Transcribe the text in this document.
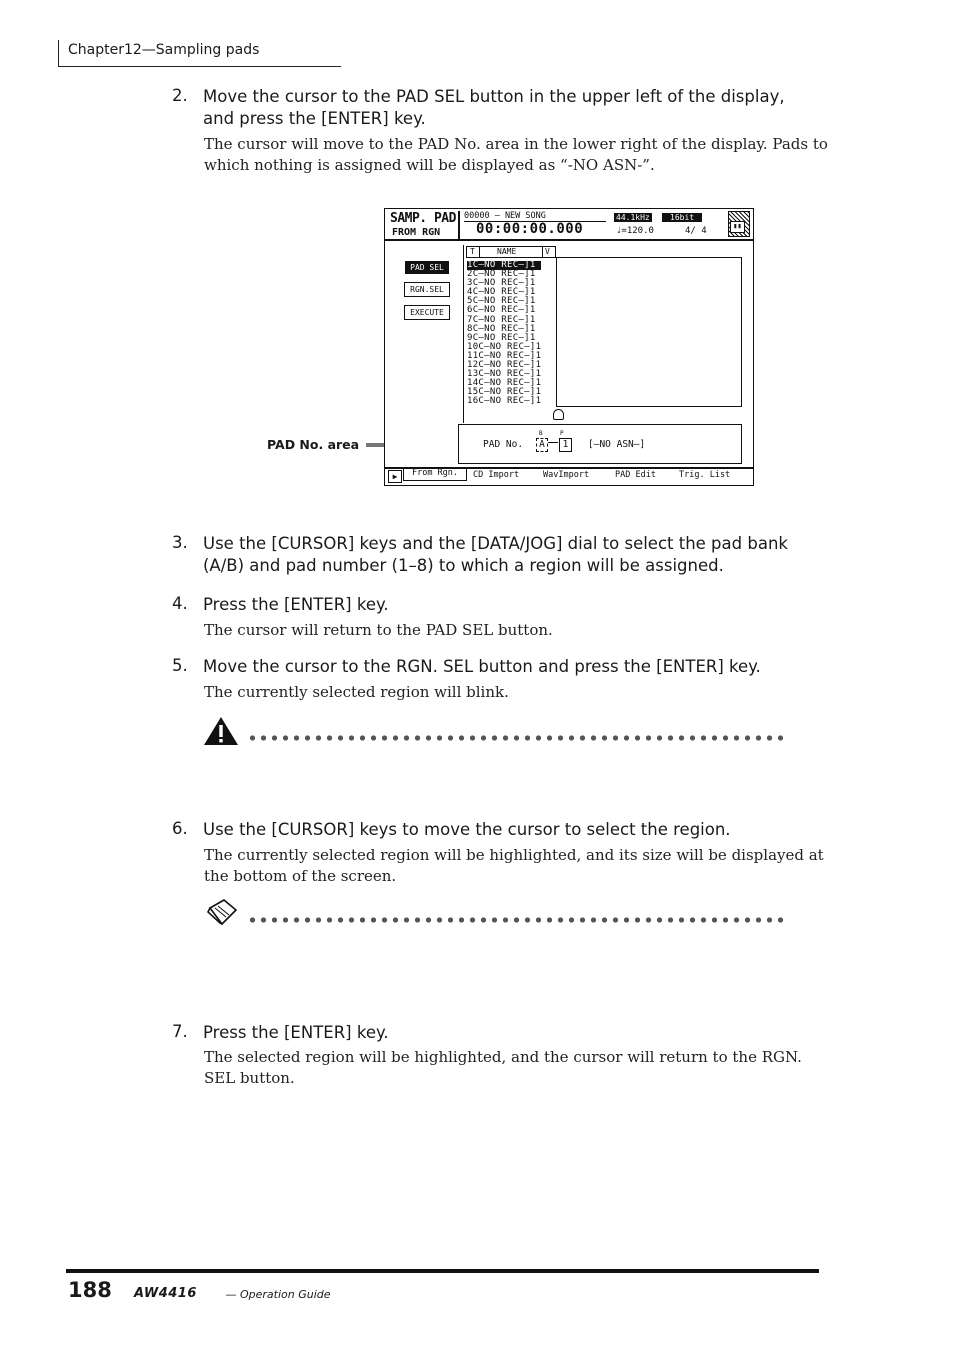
Chapter12—Sampling pads
2. Move the cursor to the PAD SEL button in the upper left of the display,
and press the [ENTER] key.
The cursor will move to the PAD No. area in the lower right of the display. Pads to
which nothing is assigned will be displayed as “-NO ASN-”.
PAD No. area
SAMP. PAD
FROM RGN
00000 – NEW SONG	44.1kHz	16bit
00:00:00.000	♩=120.0	4/ 4	▮▮
PAD SEL
RGN.SEL
EXECUTE
T	NAME	V
1C–NO REC–]1
2C–NO REC–]1
3C–NO REC–]1
4C–NO REC–]1
5C–NO REC–]1
6C–NO REC–]1
7C–NO REC–]1
8C–NO REC–]1
9C–NO REC–]1
10C–NO REC–]1
11C–NO REC–]1
12C–NO REC–]1
13C–NO REC–]1
14C–NO REC–]1
15C–NO REC–]1
16C–NO REC–]1
PAD No.
B	P
A	1	[–NO ASN–]
▶	From Rgn.	CD Import	WavImport	PAD Edit	Trig. List
3. Use the [CURSOR] keys and the [DATA/JOG] dial to select the pad bank
(A/B) and pad number (1–8) to which a region will be assigned.
4. Press the [ENTER] key.
The cursor will return to the PAD SEL button.
5. Move the cursor to the RGN. SEL button and press the [ENTER] key.
The currently selected region will blink.
6. Use the [CURSOR] keys to move the cursor to select the region.
The currently selected region will be highlighted, and its size will be displayed at
the bottom of the screen.
7. Press the [ENTER] key.
The selected region will be highlighted, and the cursor will return to the RGN.
SEL button.
188 AW4416 — Operation Guide
